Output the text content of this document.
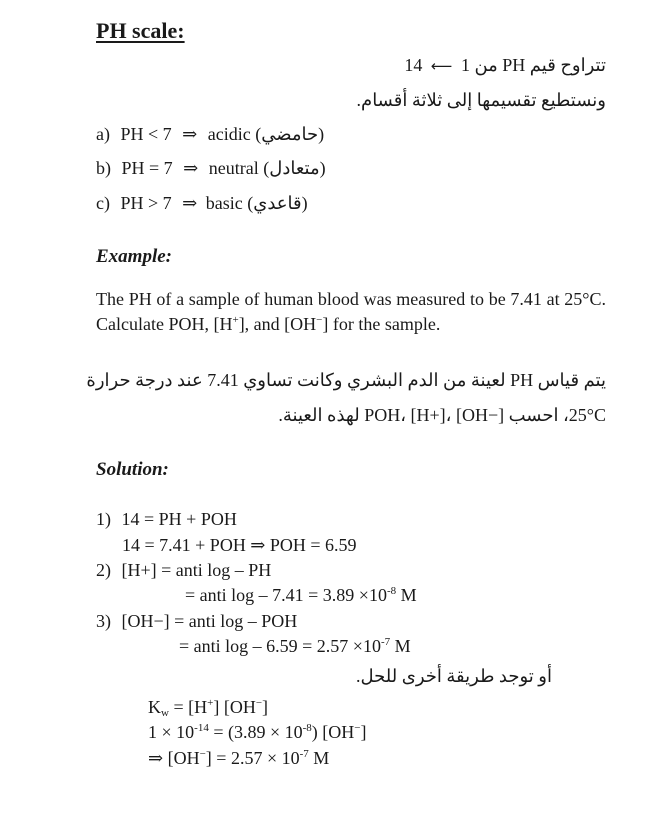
PH scale:
تتراوح قيم PH من 1 ⟵ 14
ونستطيع تقسيمها إلى ثلاثة أقسام.
a) PH < 7 ⇒ acidic (حامضي)
b) PH = 7 ⇒ neutral (متعادل)
c) PH > 7 ⇒ basic (قاعدي)
Example:
The PH of a sample of human blood was measured to be 7.41 at 25°C. Calculate POH, [H+], and [OH−] for the sample.
يتم قياس PH لعينة من الدم البشري وكانت تساوي 7.41 عند درجة حرارة
25°C، احسب POH، [H+]، [OH−] لهذه العينة.
Solution:
1) 14 = PH + POH
14 = 7.41 + POH ⇒ POH = 6.59
2) [H+] = anti log – PH
= anti $\log - 7.41 = 3.89 \times 10^{-8}$ M
3) [OH−] = anti log – POH
= anti $\log - 6.59 = 2.57 \times 10^{-7}$ M
أو توجد طريقة أخرى للحل.
$K_w = [H^+]$ [OH−]
$1 \times 10^{-14} = (3.89 \times 10^{-8})$ [OH−]
⇒ $[OH^-] = 2.57 \times 10^{-7}$ M
